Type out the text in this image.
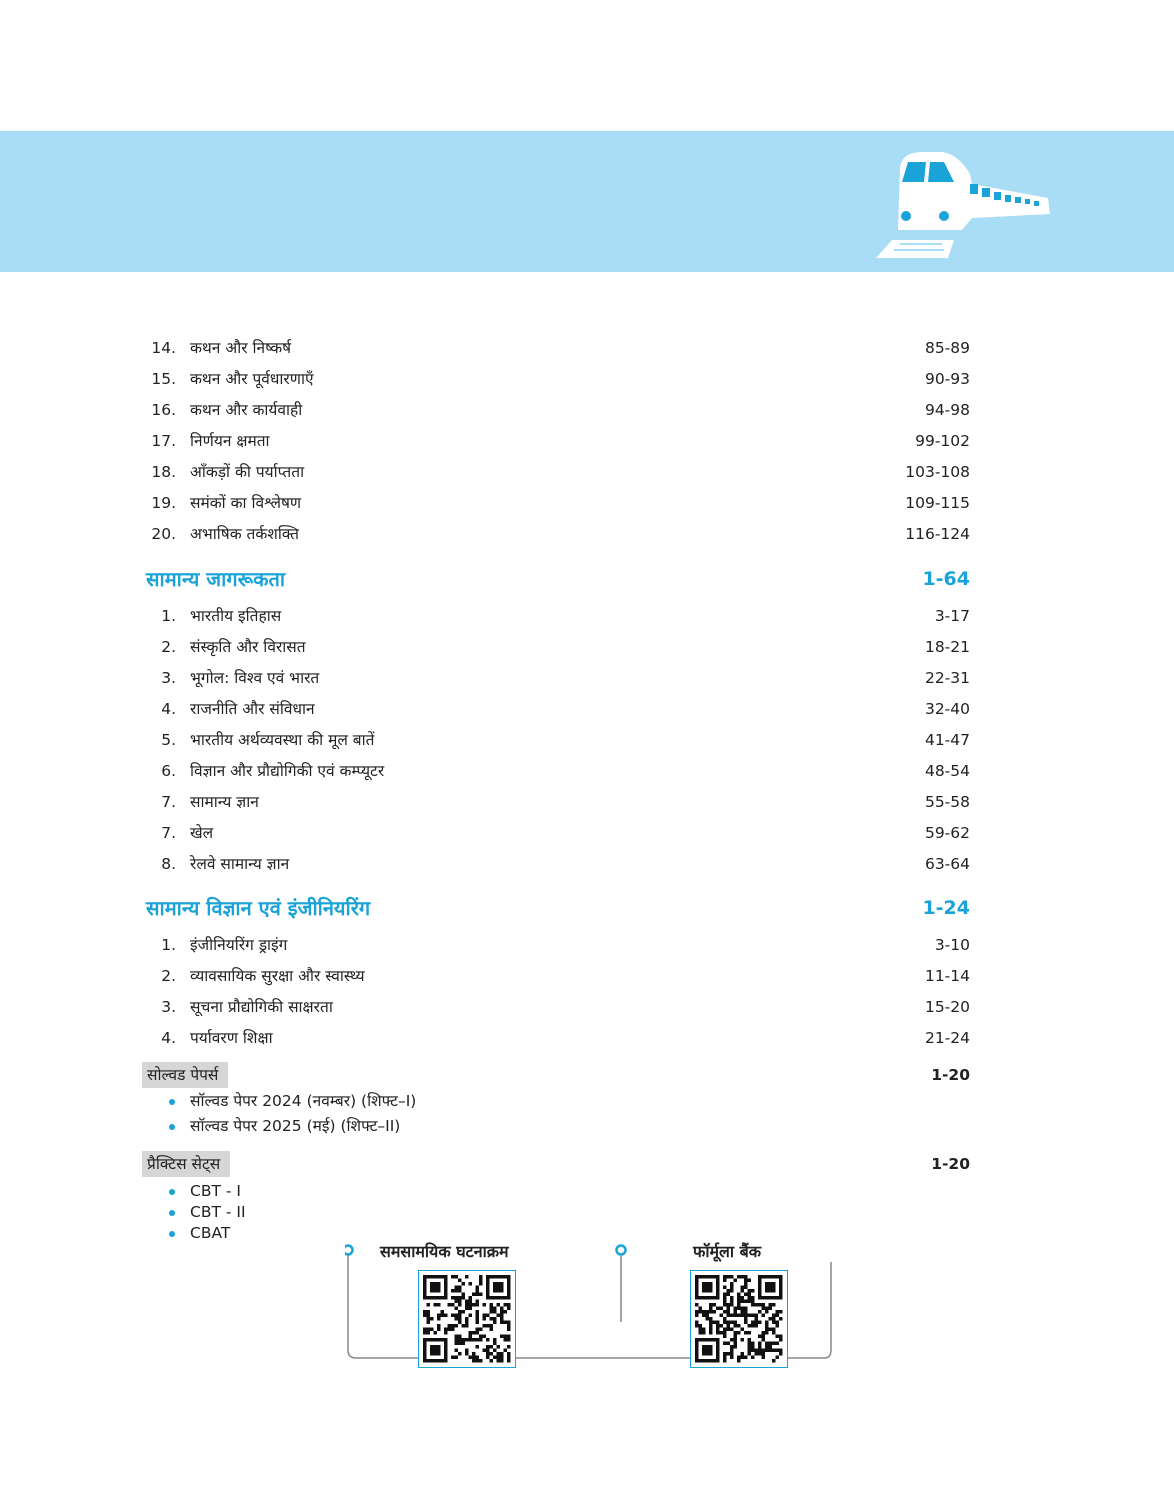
14. कथन और निष्कर्ष	85-89
15. कथन और पूर्वधारणाएँ	90-93
16. कथन और कार्यवाही	94-98
17. निर्णयन क्षमता	99-102
18. आँकड़ों की पर्याप्तता	103-108
19. समंकों का विश्लेषण	109-115
20. अभाषिक तर्कशक्ति	116-124
सामान्य जागरूकता	1-64
1. भारतीय इतिहास	3-17
2. संस्कृति और विरासत	18-21
3. भूगोल: विश्व एवं भारत	22-31
4. राजनीति और संविधान	32-40
5. भारतीय अर्थव्यवस्था की मूल बातें	41-47
6. विज्ञान और प्रौद्योगिकी एवं कम्प्यूटर	48-54
7. सामान्य ज्ञान	55-58
7. खेल	59-62
8. रेलवे सामान्य ज्ञान	63-64
सामान्य विज्ञान एवं इंजीनियरिंग	1-24
1. इंजीनियरिंग ड्राइंग	3-10
2. व्यावसायिक सुरक्षा और स्वास्थ्य	11-14
3. सूचना प्रौद्योगिकी साक्षरता	15-20
4. पर्यावरण शिक्षा	21-24
सोल्वड पेपर्स	1-20
सॉल्वड पेपर 2024 (नवम्बर) (शिफ्ट–I)
सॉल्वड पेपर 2025 (मई) (शिफ्ट–II)
प्रैक्टिस सेट्स	1-20
CBT - I
CBT - II
CBAT
समसामयिक घटनाक्रम	फॉर्मूला बैंक
